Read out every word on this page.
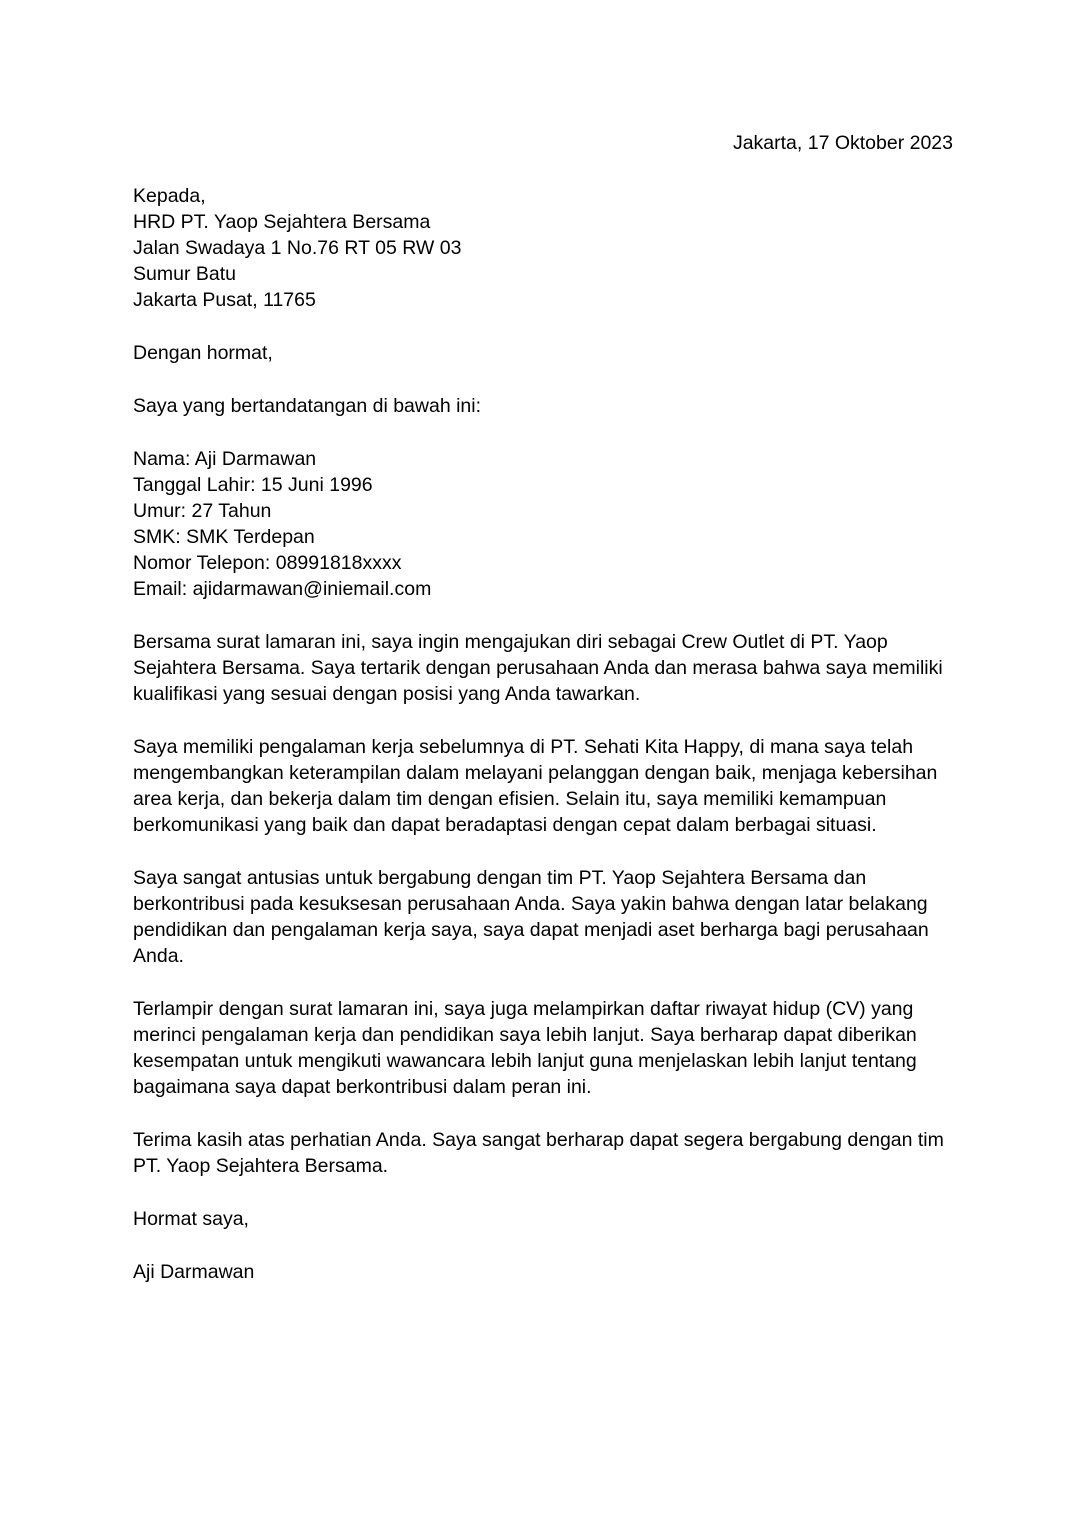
Jakarta, 17 Oktober 2023

Kepada,
HRD PT. Yaop Sejahtera Bersama
Jalan Swadaya 1 No.76 RT 05 RW 03
Sumur Batu
Jakarta Pusat, 11765

Dengan hormat,

Saya yang bertandatangan di bawah ini:

Nama: Aji Darmawan
Tanggal Lahir: 15 Juni 1996
Umur: 27 Tahun
SMK: SMK Terdepan
Nomor Telepon: 08991818xxxx
Email: ajidarmawan@iniemail.com

Bersama surat lamaran ini, saya ingin mengajukan diri sebagai Crew Outlet di PT. Yaop Sejahtera Bersama. Saya tertarik dengan perusahaan Anda dan merasa bahwa saya memiliki kualifikasi yang sesuai dengan posisi yang Anda tawarkan.

Saya memiliki pengalaman kerja sebelumnya di PT. Sehati Kita Happy, di mana saya telah mengembangkan keterampilan dalam melayani pelanggan dengan baik, menjaga kebersihan area kerja, dan bekerja dalam tim dengan efisien. Selain itu, saya memiliki kemampuan berkomunikasi yang baik dan dapat beradaptasi dengan cepat dalam berbagai situasi.

Saya sangat antusias untuk bergabung dengan tim PT. Yaop Sejahtera Bersama dan berkontribusi pada kesuksesan perusahaan Anda. Saya yakin bahwa dengan latar belakang pendidikan dan pengalaman kerja saya, saya dapat menjadi aset berharga bagi perusahaan Anda.

Terlampir dengan surat lamaran ini, saya juga melampirkan daftar riwayat hidup (CV) yang merinci pengalaman kerja dan pendidikan saya lebih lanjut. Saya berharap dapat diberikan kesempatan untuk mengikuti wawancara lebih lanjut guna menjelaskan lebih lanjut tentang bagaimana saya dapat berkontribusi dalam peran ini.

Terima kasih atas perhatian Anda. Saya sangat berharap dapat segera bergabung dengan tim PT. Yaop Sejahtera Bersama.

Hormat saya,

Aji Darmawan
